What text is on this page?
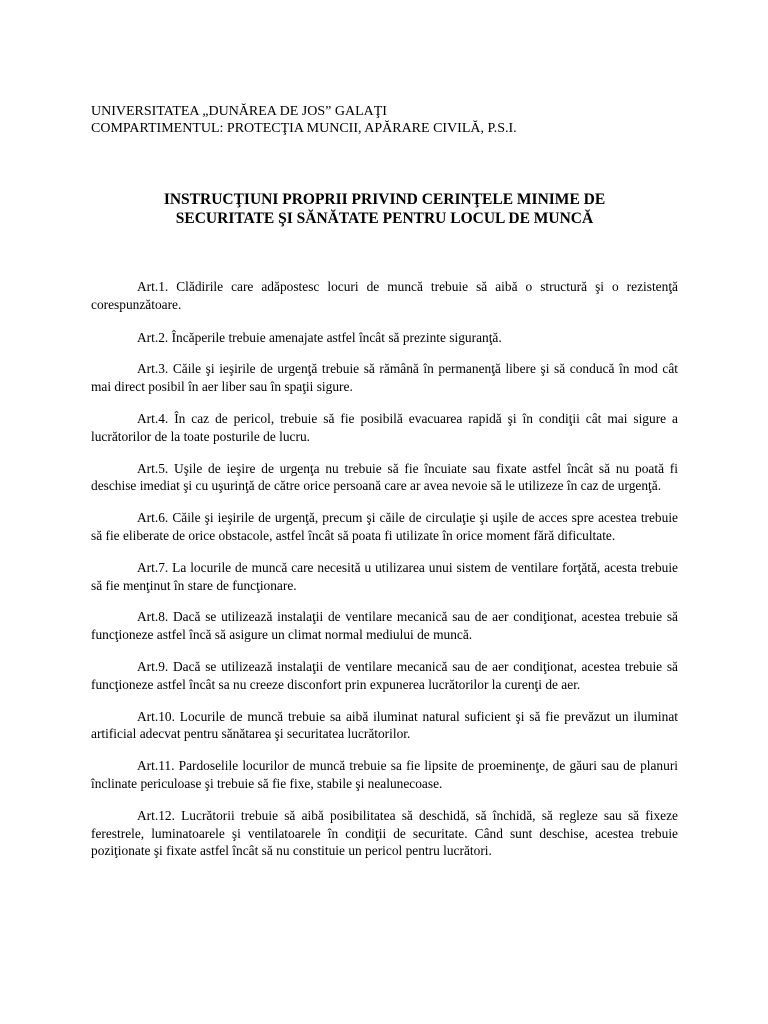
UNIVERSITATEA „DUNĂREA DE JOS” GALAŢI
COMPARTIMENTUL: PROTECŢIA MUNCII, APĂRARE CIVILĂ, P.S.I.
INSTRUCŢIUNI PROPRII PRIVIND CERINŢELE MINIME DE
SECURITATE ŞI SĂNĂTATE PENTRU LOCUL DE MUNCĂ

Art.1. Clădirile care adăpostesc locuri de muncă trebuie să aibă o structură şi o rezistenţă corespunzătoare.

Art.2. Încăperile trebuie amenajate astfel încât să prezinte siguranţă.

Art.3. Căile şi ieşirile de urgenţă trebuie să rămână în permanenţă libere şi să conducă în mod cât mai direct posibil în aer liber sau în spaţii sigure.

Art.4. În caz de pericol, trebuie să fie posibilă evacuarea rapidă şi în condiţii cât mai sigure a lucrătorilor de la toate posturile de lucru.

Art.5. Uşile de ieşire de urgenţa nu trebuie să fie încuiate sau fixate astfel încât să nu poată fi deschise imediat şi cu uşurinţă de către orice persoană care ar avea nevoie să le utilizeze în caz de urgenţă.

Art.6. Căile şi ieşirile de urgenţă, precum şi căile de circulaţie şi uşile de acces spre acestea trebuie să fie eliberate de orice obstacole, astfel încât să poata fi utilizate în orice moment fără dificultate.

Art.7. La locurile de muncă care necesită u utilizarea unui sistem de ventilare forţătă, acesta trebuie să fie menţinut în stare de funcţionare.

Art.8. Dacă se utilizează instalaţii de ventilare mecanică sau de aer condiţionat, acestea trebuie să funcţioneze astfel încă să asigure un climat normal mediului de muncă.

Art.9. Dacă se utilizează instalaţii de ventilare mecanică sau de aer condiţionat, acestea trebuie să funcţioneze astfel încât sa nu creeze disconfort prin expunerea lucrătorilor la curenţi de aer.

Art.10. Locurile de muncă trebuie sa aibă iluminat natural suficient şi să fie prevăzut un iluminat artificial adecvat pentru sănătarea şi securitatea lucrătorilor.

Art.11. Pardoselile locurilor de muncă trebuie sa fie lipsite de proeminenţe, de găuri sau de planuri înclinate periculoase şi trebuie să fie fixe, stabile şi nealunecoase.

Art.12. Lucrătorii trebuie să aibă posibilitatea să deschidă, să închidă, să regleze sau să fixeze ferestrele, luminatoarele şi ventilatoarele în condiţii de securitate. Când sunt deschise, acestea trebuie poziţionate şi fixate astfel încât să nu constituie un pericol pentru lucrători.
